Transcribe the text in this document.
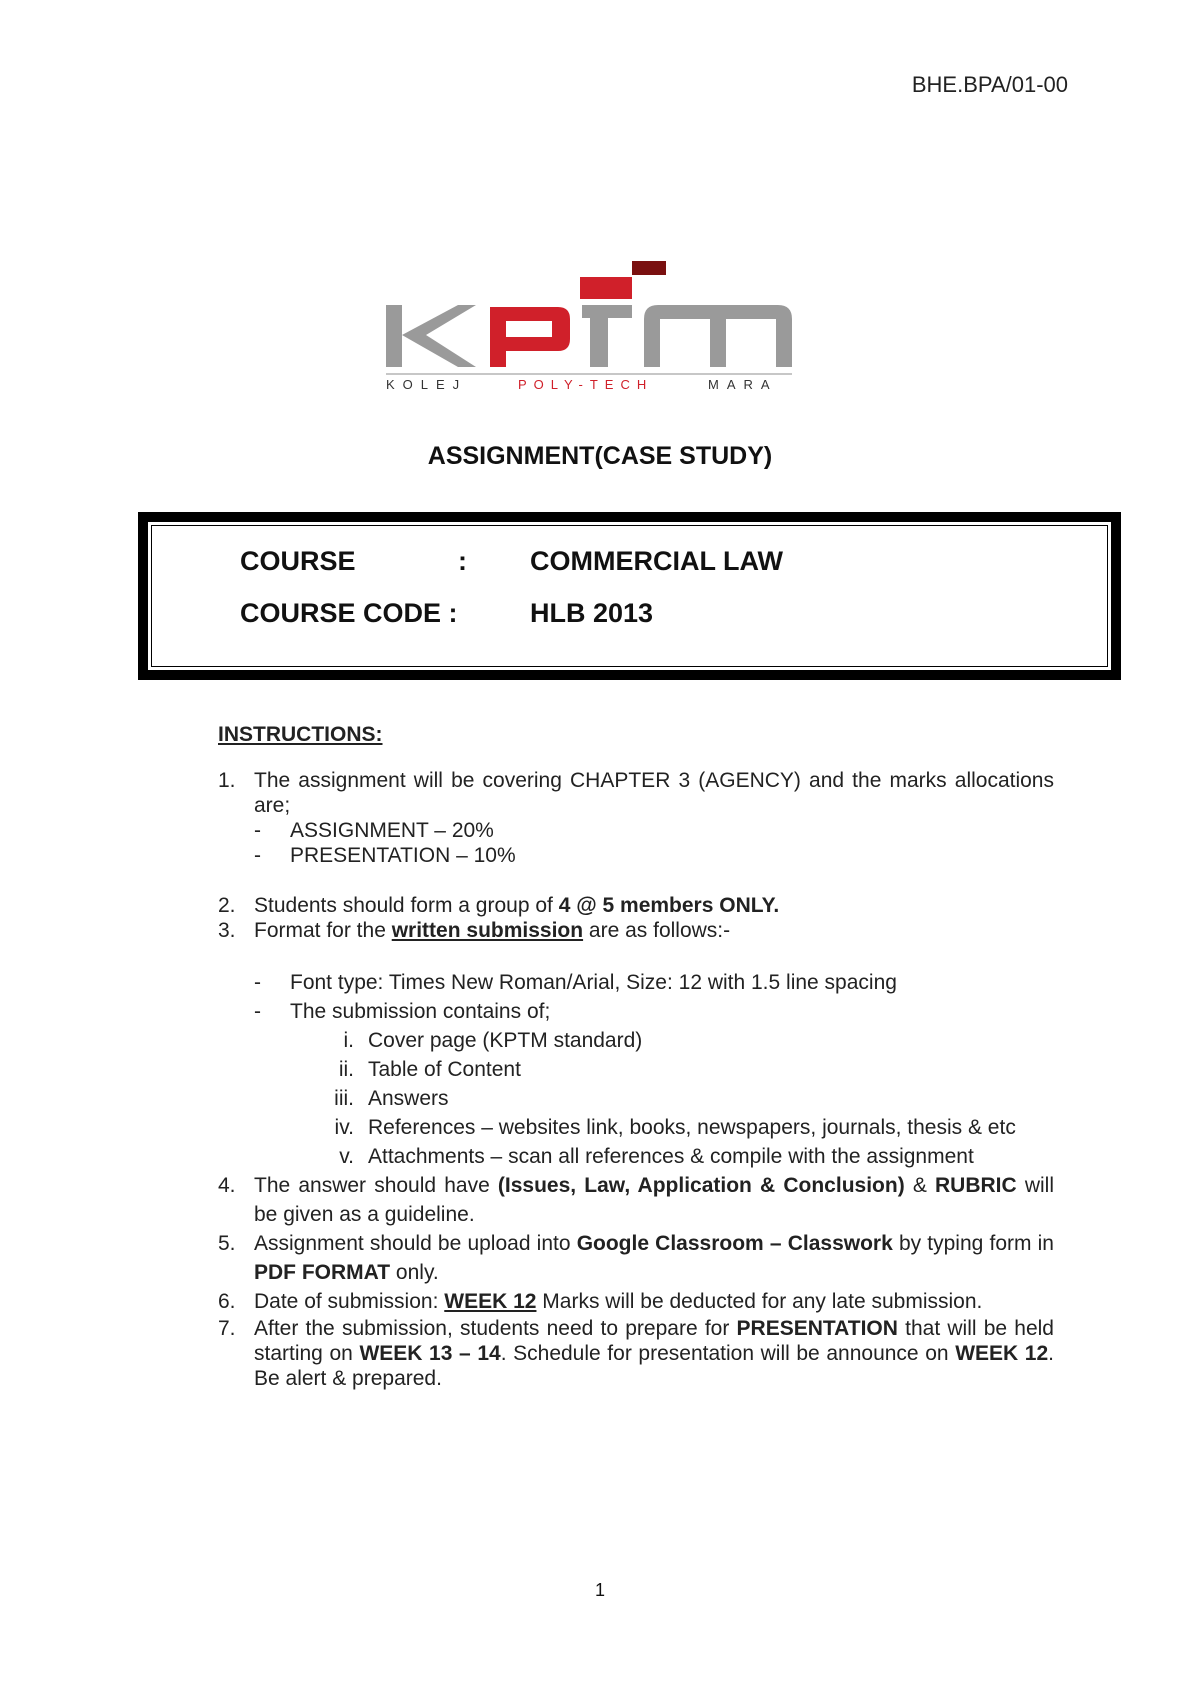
BHE.BPA/01-00
KOLEJ	POLY-TECH	MARA
ASSIGNMENT(CASE STUDY)
COURSE	: COMMERCIAL LAW
COURSE CODE :	HLB 2013
INSTRUCTIONS:
1. The assignment will be covering CHAPTER 3 (AGENCY) and the marks allocations are;
- ASSIGNMENT – 20%
- PRESENTATION – 10%
2. Students should form a group of 4 @ 5 members ONLY.
3. Format for the written submission are as follows:-
- Font type: Times New Roman/Arial, Size: 12 with 1.5 line spacing
- The submission contains of;
i. Cover page (KPTM standard)
ii. Table of Content
iii. Answers
iv. References – websites link, books, newspapers, journals, thesis & etc
v. Attachments – scan all references & compile with the assignment
4. The answer should have (Issues, Law, Application & Conclusion) & RUBRIC will be given as a guideline.
5. Assignment should be upload into Google Classroom – Classwork by typing form in PDF FORMAT only.
6. Date of submission: WEEK 12 Marks will be deducted for any late submission.
7. After the submission, students need to prepare for PRESENTATION that will be held starting on WEEK 13 – 14. Schedule for presentation will be announce on WEEK 12. Be alert & prepared.
1
